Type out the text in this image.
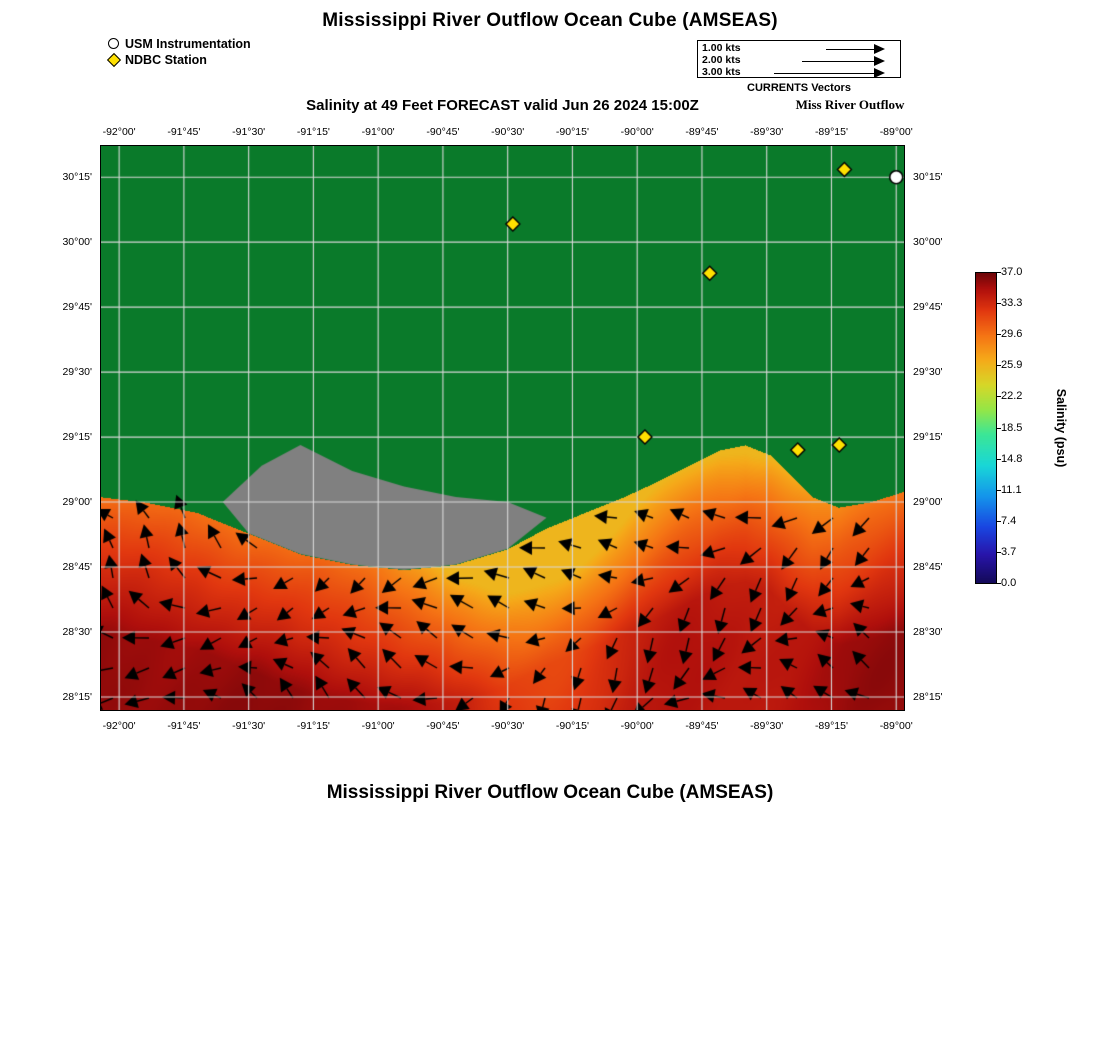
Mississippi River Outflow Ocean Cube (AMSEAS)
Salinity at 49 Feet FORECAST valid Jun 26 2024 15:00Z	Miss River Outflow
Mississippi River Outflow Ocean Cube (AMSEAS)
USM Instrumentation
NDBC Station
1.00 kts
2.00 kts
3.00 kts
CURRENTS Vectors
-92°00'
-92°00'
-91°45'
-91°45'
-91°30'
-91°30'
-91°15'
-91°15'
-91°00'
-91°00'
-90°45'
-90°45'
-90°30'
-90°30'
-90°15'
-90°15'
-90°00'
-90°00'
-89°45'
-89°45'
-89°30'
-89°30'
-89°15'
-89°15'
-89°00'
-89°00'
30°15'	30°15'
30°00'	30°00'
29°45'	29°45'
29°30'	29°30'
29°15'	29°15'
29°00'	29°00'
28°45'	28°45'
28°30'	28°30'
28°15'	28°15'
37.0
33.3
29.6
25.9
22.2
18.5
14.8
11.1
7.4
3.7
0.0
Salinity (psu)
